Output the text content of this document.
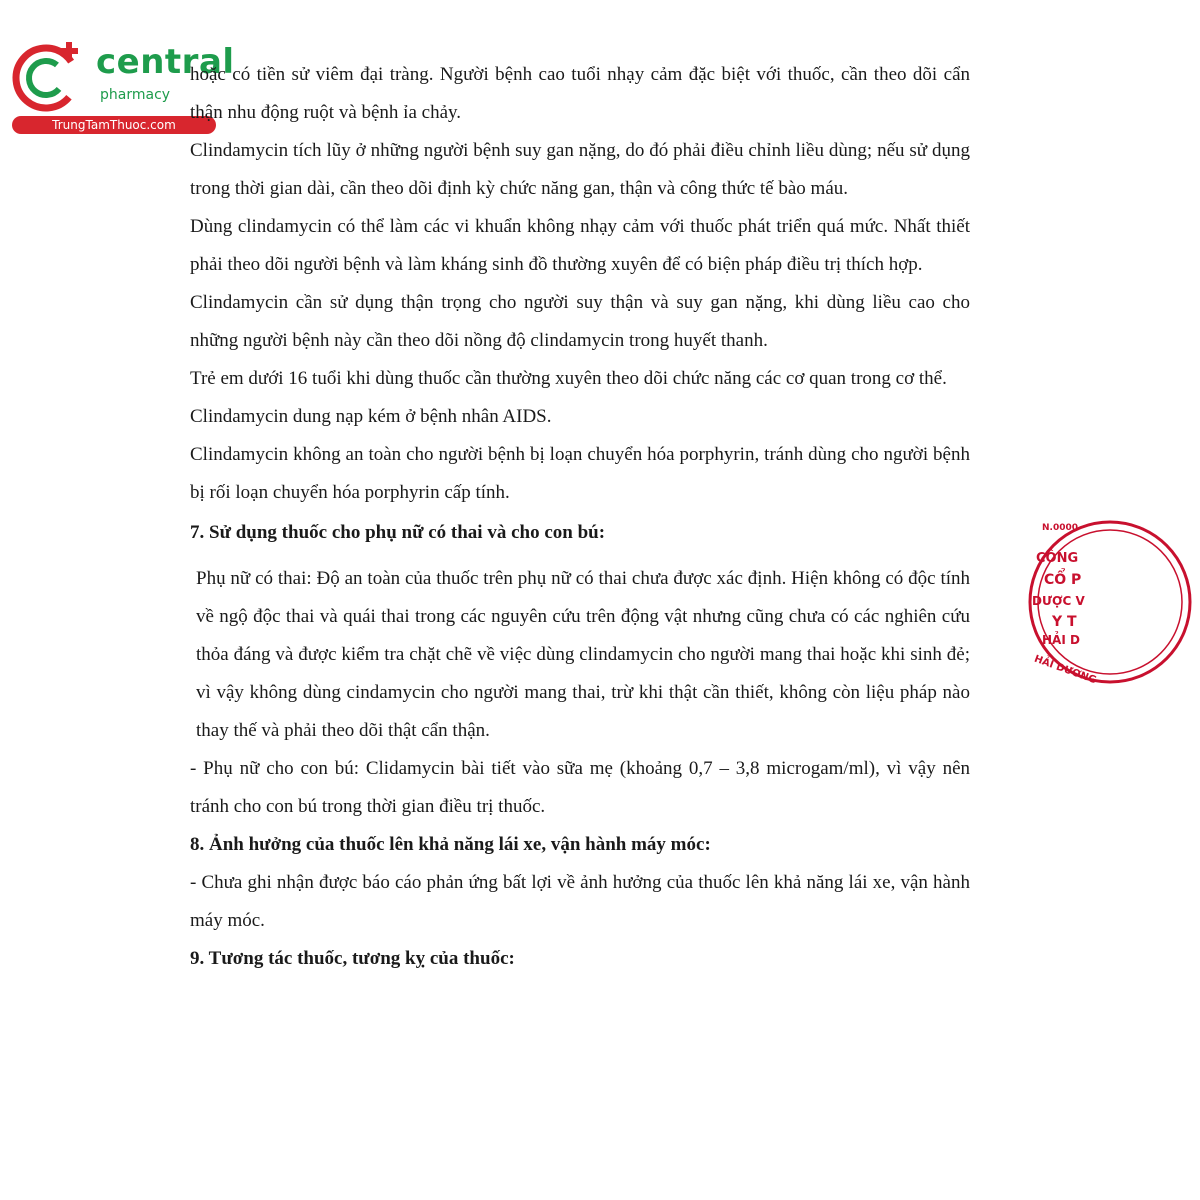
central
pharmacy
TrungTamThuoc.com

hoặc có tiền sử viêm đại tràng. Người bệnh cao tuổi nhạy cảm đặc biệt với thuốc, cần theo dõi cẩn thận nhu động ruột và bệnh ỉa chảy.

Clindamycin tích lũy ở những người bệnh suy gan nặng, do đó phải điều chỉnh liều dùng; nếu sử dụng trong thời gian dài, cần theo dõi định kỳ chức năng gan, thận và công thức tế bào máu.

Dùng clindamycin có thể làm các vi khuẩn không nhạy cảm với thuốc phát triển quá mức. Nhất thiết phải theo dõi người bệnh và làm kháng sinh đồ thường xuyên để có biện pháp điều trị thích hợp.

Clindamycin cần sử dụng thận trọng cho người suy thận và suy gan nặng, khi dùng liều cao cho những người bệnh này cần theo dõi nồng độ clindamycin trong huyết thanh.

Trẻ em dưới 16 tuổi khi dùng thuốc cần thường xuyên theo dõi chức năng các cơ quan trong cơ thể.

Clindamycin dung nạp kém ở bệnh nhân AIDS.

Clindamycin không an toàn cho người bệnh bị loạn chuyển hóa porphyrin, tránh dùng cho người bệnh bị rối loạn chuyển hóa porphyrin cấp tính.

7. Sử dụng thuốc cho phụ nữ có thai và cho con bú:

Phụ nữ có thai: Độ an toàn của thuốc trên phụ nữ có thai chưa được xác định. Hiện không có độc tính về ngộ độc thai và quái thai trong các nguyên cứu trên động vật nhưng cũng chưa có các nghiên cứu thỏa đáng và được kiểm tra chặt chẽ về việc dùng clindamycin cho người mang thai hoặc khi sinh đẻ; vì vậy không dùng cindamycin cho người mang thai, trừ khi thật cần thiết, không còn liệu pháp nào thay thế và phải theo dõi thật cẩn thận.

- Phụ nữ cho con bú: Clidamycin bài tiết vào sữa mẹ (khoảng 0,7 – 3,8 microgam/ml), vì vậy nên tránh cho con bú trong thời gian điều trị thuốc.

8. Ảnh hưởng của thuốc lên khả năng lái xe, vận hành máy móc:

- Chưa ghi nhận được báo cáo phản ứng bất lợi về ảnh hưởng của thuốc lên khả năng lái xe, vận hành máy móc.

9. Tương tác thuốc, tương kỵ của thuốc:

N.0000
CÔNG
CỔ P
DƯỢC V
Y T
HẢI D
HẢI DƯƠNG
